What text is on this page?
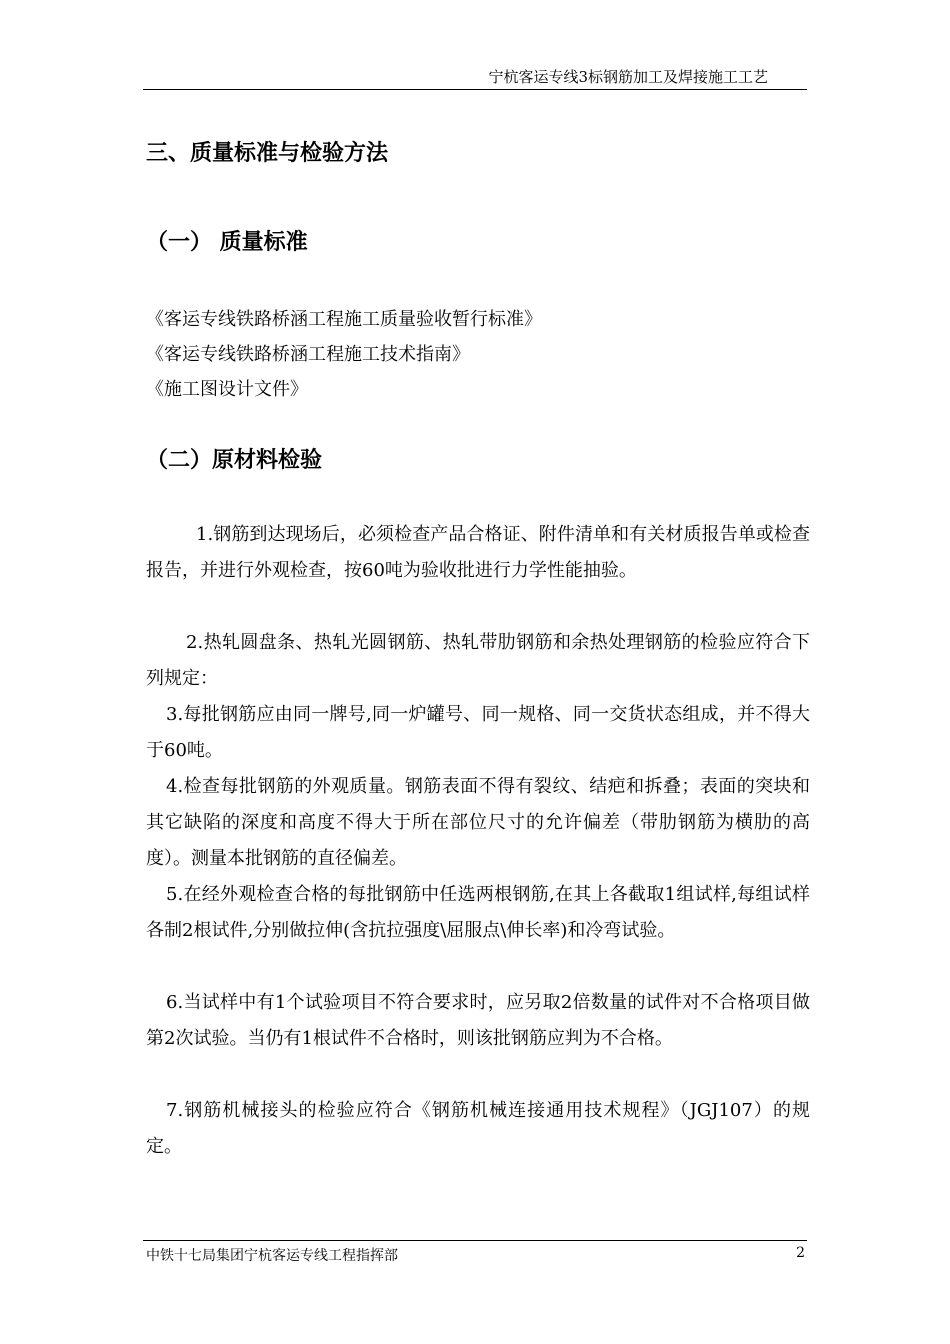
宁杭客运专线3标钢筋加工及焊接施工工艺
三、质量标准与检验方法
（一） 质量标准
《客运专线铁路桥涵工程施工质量验收暂行标准》
《客运专线铁路桥涵工程施工技术指南》
《施工图设计文件》
（二）原材料检验
1.钢筋到达现场后，必须检查产品合格证、附件清单和有关材质报告单或检查报告，并进行外观检查，按60吨为验收批进行力学性能抽验。
2.热轧圆盘条、热轧光圆钢筋、热轧带肋钢筋和余热处理钢筋的检验应符合下列规定：
3.每批钢筋应由同一牌号,同一炉罐号、同一规格、同一交货状态组成，并不得大于60吨。
4.检查每批钢筋的外观质量。钢筋表面不得有裂纹、结疤和拆叠；表面的突块和其它缺陷的深度和高度不得大于所在部位尺寸的允许偏差（带肋钢筋为横肋的高度）。测量本批钢筋的直径偏差。
5.在经外观检查合格的每批钢筋中任选两根钢筋,在其上各截取1组试样,每组试样各制2根试件,分别做拉伸(含抗拉强度\屈服点\伸长率)和冷弯试验。
6.当试样中有1个试验项目不符合要求时，应另取2倍数量的试件对不合格项目做第2次试验。当仍有1根试件不合格时，则该批钢筋应判为不合格。
7.钢筋机械接头的检验应符合《钢筋机械连接通用技术规程》（JGJ107）的规定。
中铁十七局集团宁杭客运专线工程指挥部	2
